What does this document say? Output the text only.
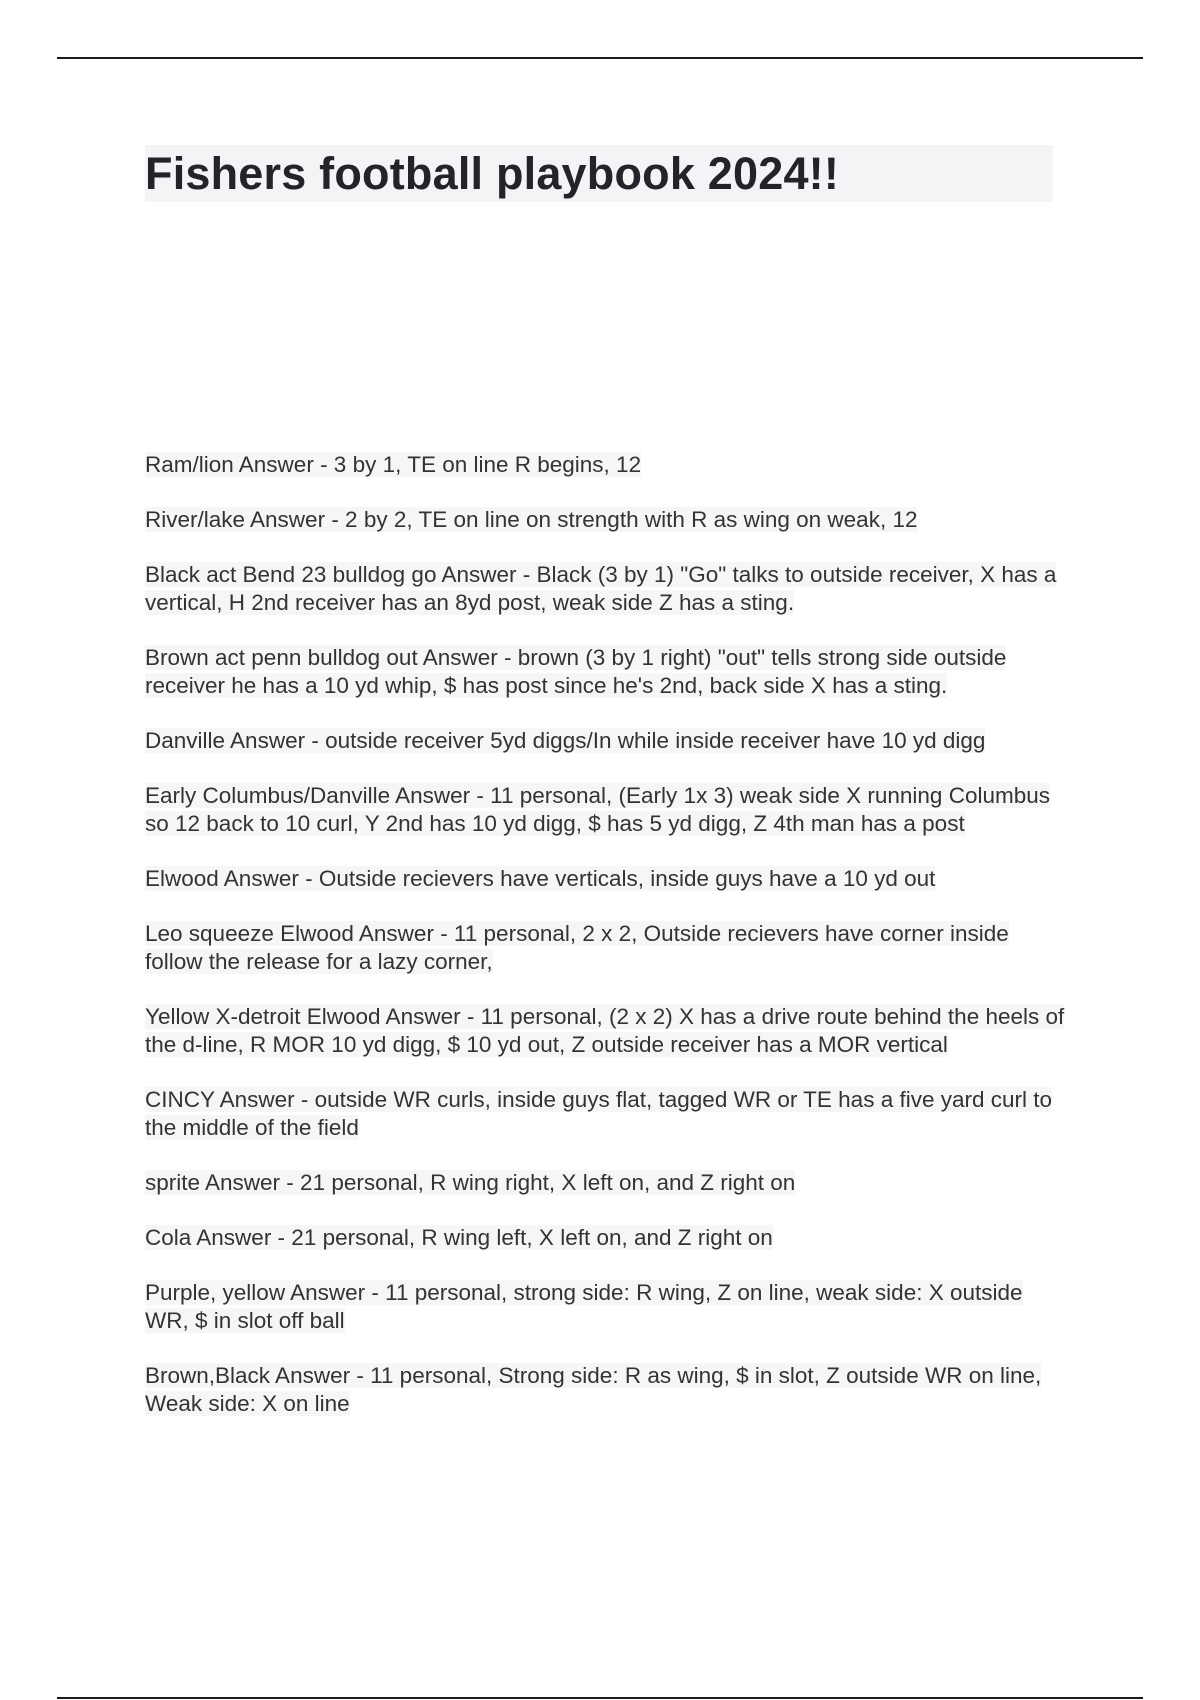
Fishers football playbook 2024!!
Ram/lion Answer - 3 by 1, TE on line R begins, 12
River/lake Answer - 2 by 2, TE on line on strength with R as wing on weak, 12
Black act Bend 23 bulldog go Answer - Black (3 by 1) "Go" talks to outside receiver, X has a vertical, H 2nd receiver has an 8yd post, weak side Z has a sting.
Brown act penn bulldog out Answer - brown (3 by 1 right) "out" tells strong side outside receiver he has a 10 yd whip, $ has post since he's 2nd, back side X has a sting.
Danville Answer - outside receiver 5yd diggs/In while inside receiver have 10 yd digg
Early Columbus/Danville Answer - 11 personal, (Early 1x 3) weak side X running Columbus so 12 back to 10 curl, Y 2nd has 10 yd digg, $ has 5 yd digg, Z 4th man has a post
Elwood Answer - Outside recievers have verticals, inside guys have a 10 yd out
Leo squeeze Elwood Answer - 11 personal, 2 x 2, Outside recievers have corner inside follow the release for a lazy corner,
Yellow X-detroit Elwood Answer - 11 personal, (2 x 2) X has a drive route behind the heels of the d-line, R MOR 10 yd digg, $ 10 yd out, Z outside receiver has a MOR vertical
CINCY Answer - outside WR curls, inside guys flat, tagged WR or TE has a five yard curl to the middle of the field
sprite Answer - 21 personal, R wing right, X left on, and Z right on
Cola Answer - 21 personal, R wing left, X left on, and Z right on
Purple, yellow Answer - 11 personal, strong side: R wing, Z on line, weak side: X outside WR, $ in slot off ball
Brown,Black Answer - 11 personal, Strong side: R as wing, $ in slot, Z outside WR on line, Weak side: X on line
